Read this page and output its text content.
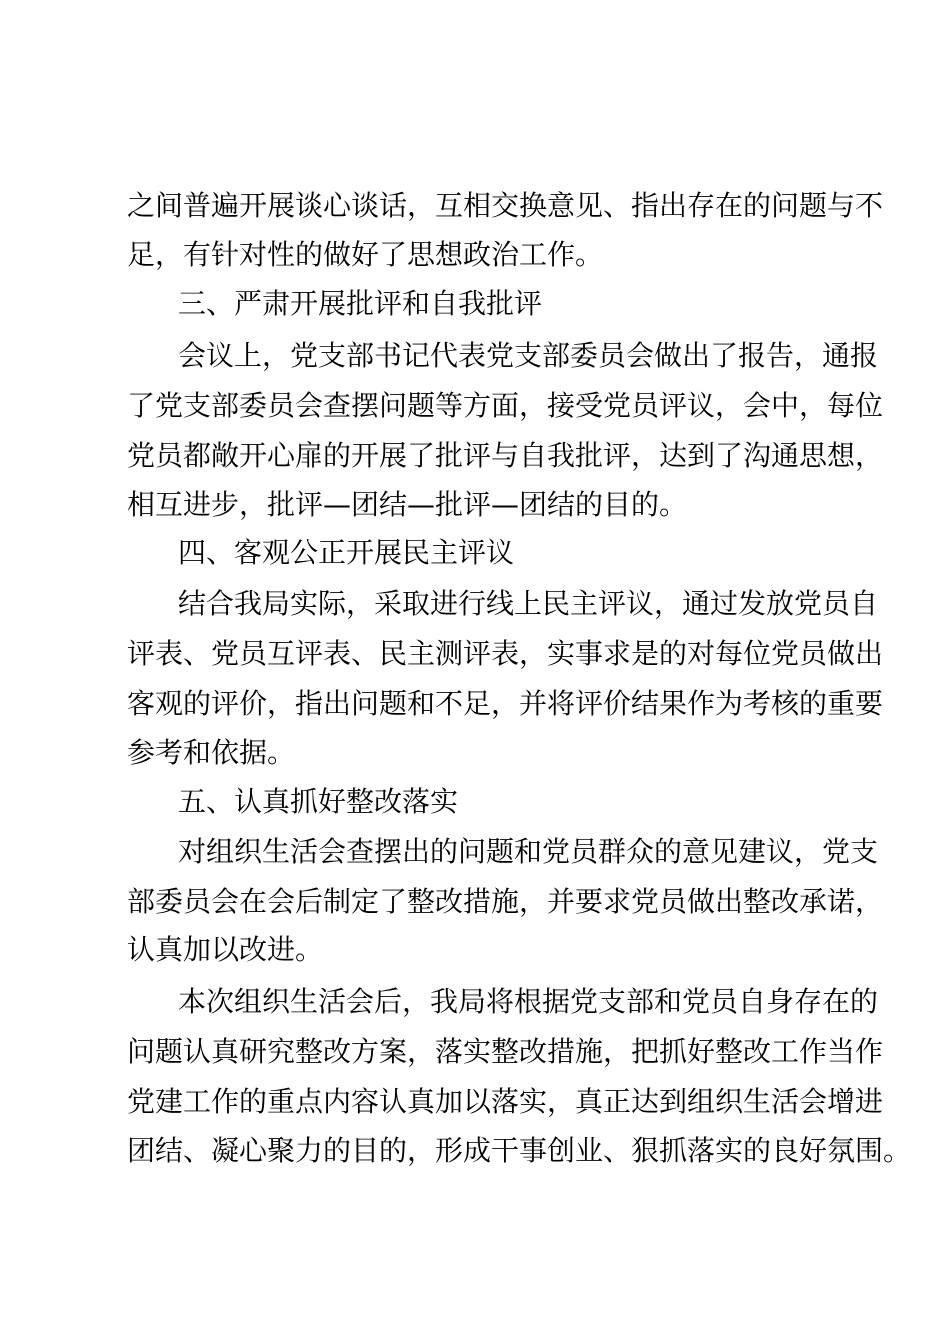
之间普遍开展谈心谈话，互相交换意见、指出存在的问题与不
足，有针对性的做好了思想政治工作。
三、严肃开展批评和自我批评
会议上，党支部书记代表党支部委员会做出了报告，通报
了党支部委员会查摆问题等方面，接受党员评议，会中，每位
党员都敞开心扉的开展了批评与自我批评，达到了沟通思想，
相互进步，批评—团结—批评—团结的目的。
四、客观公正开展民主评议
结合我局实际，采取进行线上民主评议，通过发放党员自
评表、党员互评表、民主测评表，实事求是的对每位党员做出
客观的评价，指出问题和不足，并将评价结果作为考核的重要
参考和依据。
五、认真抓好整改落实
对组织生活会查摆出的问题和党员群众的意见建议，党支
部委员会在会后制定了整改措施，并要求党员做出整改承诺，
认真加以改进。
本次组织生活会后，我局将根据党支部和党员自身存在的
问题认真研究整改方案，落实整改措施，把抓好整改工作当作
党建工作的重点内容认真加以落实，真正达到组织生活会增进
团结、凝心聚力的目的，形成干事创业、狠抓落实的良好氛围。
